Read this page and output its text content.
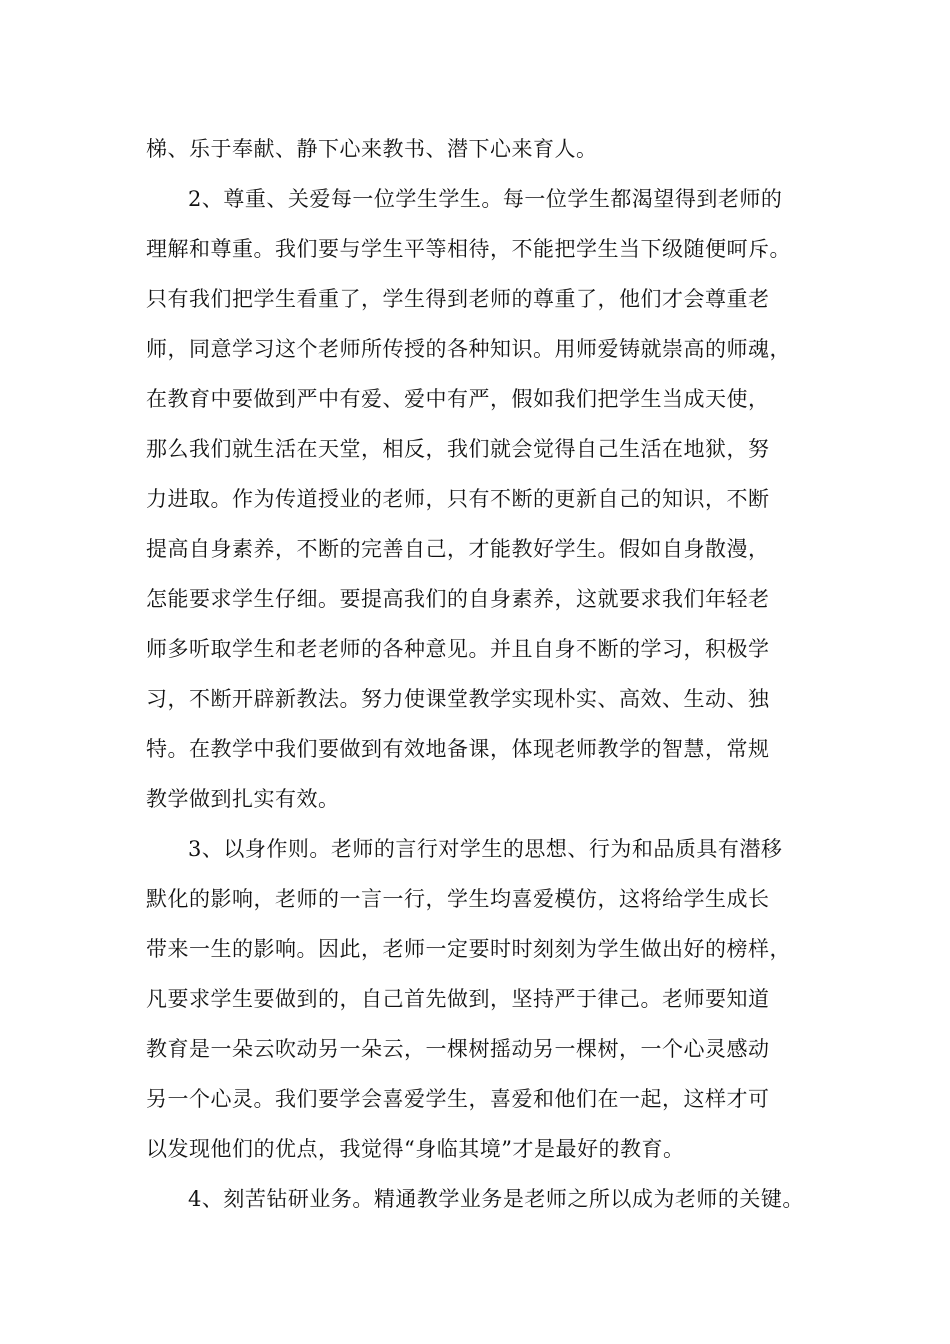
梯、乐于奉献、静下心来教书、潜下心来育人。
2、尊重、关爱每一位学生学生。每一位学生都渴望得到老师的
理解和尊重。我们要与学生平等相待，不能把学生当下级随便呵斥。
只有我们把学生看重了，学生得到老师的尊重了，他们才会尊重老
师，同意学习这个老师所传授的各种知识。用师爱铸就崇高的师魂，
在教育中要做到严中有爱、爱中有严，假如我们把学生当成天使，
那么我们就生活在天堂，相反，我们就会觉得自己生活在地狱，努
力进取。作为传道授业的老师，只有不断的更新自己的知识，不断
提高自身素养，不断的完善自己，才能教好学生。假如自身散漫，
怎能要求学生仔细。要提高我们的自身素养，这就要求我们年轻老
师多听取学生和老老师的各种意见。并且自身不断的学习，积极学
习，不断开辟新教法。努力使课堂教学实现朴实、高效、生动、独
特。在教学中我们要做到有效地备课，体现老师教学的智慧，常规
教学做到扎实有效。
3、以身作则。老师的言行对学生的思想、行为和品质具有潜移
默化的影响，老师的一言一行，学生均喜爱模仿，这将给学生成长
带来一生的影响。因此，老师一定要时时刻刻为学生做出好的榜样，
凡要求学生要做到的，自己首先做到，坚持严于律己。老师要知道
教育是一朵云吹动另一朵云，一棵树摇动另一棵树，一个心灵感动
另一个心灵。我们要学会喜爱学生，喜爱和他们在一起，这样才可
以发现他们的优点，我觉得“身临其境”才是最好的教育。
4、刻苦钻研业务。精通教学业务是老师之所以成为老师的关键。
